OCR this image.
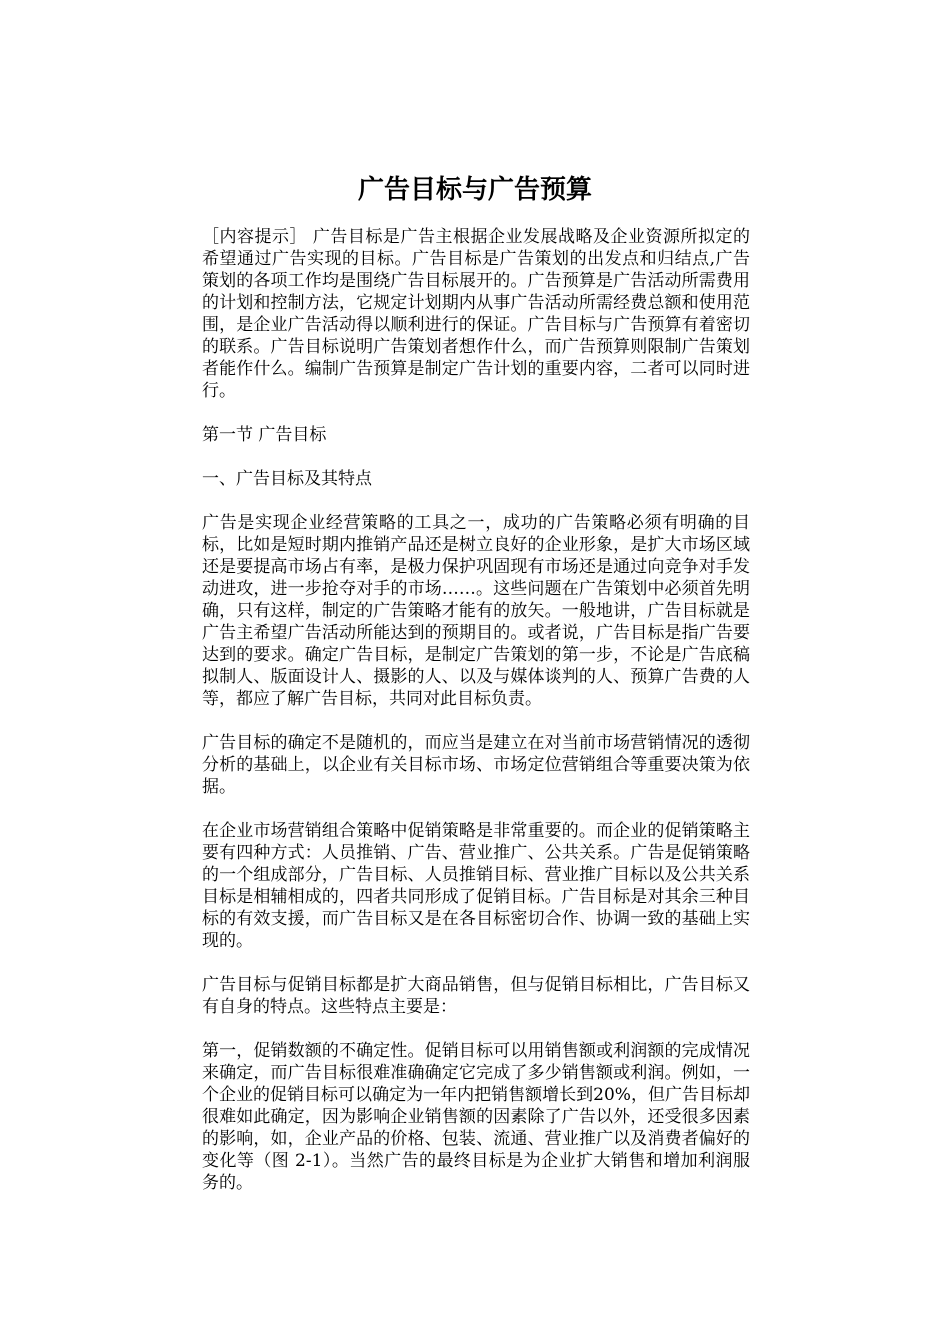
广告目标与广告预算

［内容提示］ 广告目标是广告主根据企业发展战略及企业资源所拟定的希望通过广告实现的目标。广告目标是广告策划的出发点和归结点,广告策划的各项工作均是围绕广告目标展开的。广告预算是广告活动所需费用的计划和控制方法，它规定计划期内从事广告活动所需经费总额和使用范围，是企业广告活动得以顺利进行的保证。广告目标与广告预算有着密切的联系。广告目标说明广告策划者想作什么，而广告预算则限制广告策划者能作什么。编制广告预算是制定广告计划的重要内容，二者可以同时进行。

第一节 广告目标

一、广告目标及其特点

广告是实现企业经营策略的工具之一，成功的广告策略必须有明确的目标，比如是短时期内推销产品还是树立良好的企业形象，是扩大市场区域还是要提高市场占有率，是极力保护巩固现有市场还是通过向竞争对手发动进攻，进一步抢夺对手的市场……。这些问题在广告策划中必须首先明确，只有这样，制定的广告策略才能有的放矢。一般地讲，广告目标就是广告主希望广告活动所能达到的预期目的。或者说，广告目标是指广告要达到的要求。确定广告目标，是制定广告策划的第一步，不论是广告底稿拟制人、版面设计人、摄影的人、以及与媒体谈判的人、预算广告费的人等，都应了解广告目标，共同对此目标负责。

广告目标的确定不是随机的，而应当是建立在对当前市场营销情况的透彻分析的基础上，以企业有关目标市场、市场定位营销组合等重要决策为依据。

在企业市场营销组合策略中促销策略是非常重要的。而企业的促销策略主要有四种方式：人员推销、广告、营业推广、公共关系。广告是促销策略的一个组成部分，广告目标、人员推销目标、营业推广目标以及公共关系目标是相辅相成的，四者共同形成了促销目标。广告目标是对其余三种目标的有效支援，而广告目标又是在各目标密切合作、协调一致的基础上实现的。

广告目标与促销目标都是扩大商品销售，但与促销目标相比，广告目标又有自身的特点。这些特点主要是：

第一，促销数额的不确定性。促销目标可以用销售额或利润额的完成情况来确定，而广告目标很难准确确定它完成了多少销售额或利润。例如，一个企业的促销目标可以确定为一年内把销售额增长到20%，但广告目标却很难如此确定，因为影响企业销售额的因素除了广告以外，还受很多因素的影响，如，企业产品的价格、包装、流通、营业推广以及消费者偏好的变化等（图 2-1）。当然广告的最终目标是为企业扩大销售和增加利润服务的。
